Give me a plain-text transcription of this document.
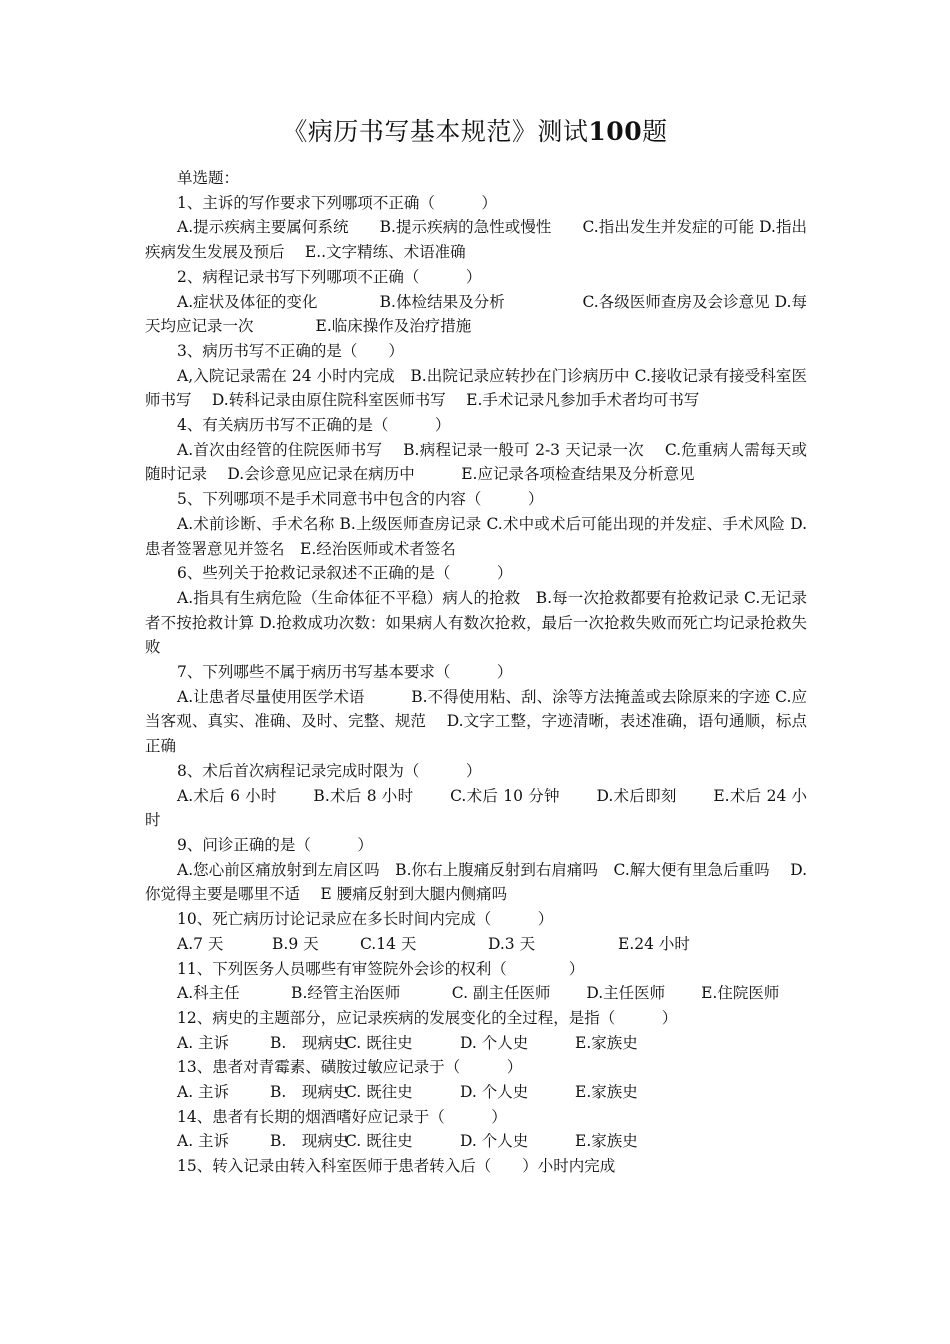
《病历书写基本规范》测试100题

单选题：

1、主诉的写作要求下列哪项不正确（　　　）

A.提示疾病主要属何系统　　B.提示疾病的急性或慢性　　C.指出发生并发症的可能 D.指出疾病发生发展及预后　 E..文字精练、术语准确

2、病程记录书写下列哪项不正确（　　　）

A.症状及体征的变化　　　　B.体检结果及分析　　　　　C.各级医师查房及会诊意见 D.每天均应记录一次　　　　E.临床操作及治疗措施

3、病历书写不正确的是（　　）

A,入院记录需在 24 小时内完成　B.出院记录应转抄在门诊病历中 C.接收记录有接受科室医师书写　 D.转科记录由原住院科室医师书写　 E.手术记录凡参加手术者均可书写

4、有关病历书写不正确的是（　　　）

A.首次由经管的住院医师书写　 B.病程记录一般可 2-3 天记录一次　 C.危重病人需每天或随时记录　 D.会诊意见应记录在病历中　　　E.应记录各项检查结果及分析意见

5、下列哪项不是手术同意书中包含的内容（　　　）

A.术前诊断、手术名称 B.上级医师查房记录 C.术中或术后可能出现的并发症、手术风险 D.患者签署意见并签名　E.经治医师或术者签名

6、些列关于抢救记录叙述不正确的是（　　　）

A.指具有生病危险（生命体征不平稳）病人的抢救　B.每一次抢救都要有抢救记录 C.无记录者不按抢救计算 D.抢救成功次数：如果病人有数次抢救，最后一次抢救失败而死亡均记录抢救失败

7、下列哪些不属于病历书写基本要求（　　　）

A.让患者尽量使用医学术语　　　B.不得使用粘、刮、涂等方法掩盖或去除原来的字迹 C.应当客观、真实、准确、及时、完整、规范　 D.文字工整，字迹清晰，表述准确，语句通顺，标点正确

8、术后首次病程记录完成时限为（　　　）

A.术后 6 小时　　 B.术后 8 小时　　 C.术后 10 分钟　　 D.术后即刻　　 E.术后 24 小时

9、问诊正确的是（　　　）

A.您心前区痛放射到左肩区吗　B.你右上腹痛反射到右肩痛吗　C.解大便有里急后重吗　 D.你觉得主要是哪里不适　 E 腰痛反射到大腿内侧痛吗

10、死亡病历讨论记录应在多长时间内完成（　　　）

A.7 天	B.9 天	C.14 天	D.3 天	E.24 小时

11、下列医务人员哪些有审签院外会诊的权利（　　　　）

A.科主任　　　 B.经管主治医师　　　 C. 副主任医师　　 D.主任医师　　 E.住院医师

12、病史的主题部分，应记录疾病的发展变化的全过程，是指（　　　）

A. 主诉	B.　现病史
C. 既往史	D. 个人史	E.家族史

13、患者对青霉素、磺胺过敏应记录于（　　　）

A. 主诉	B.　现病史
C. 既往史	D. 个人史	E.家族史

14、患者有长期的烟酒嗜好应记录于（　　　）

A. 主诉	B.　现病史
C. 既往史	D. 个人史	E.家族史

15、转入记录由转入科室医师于患者转入后（　　）小时内完成
